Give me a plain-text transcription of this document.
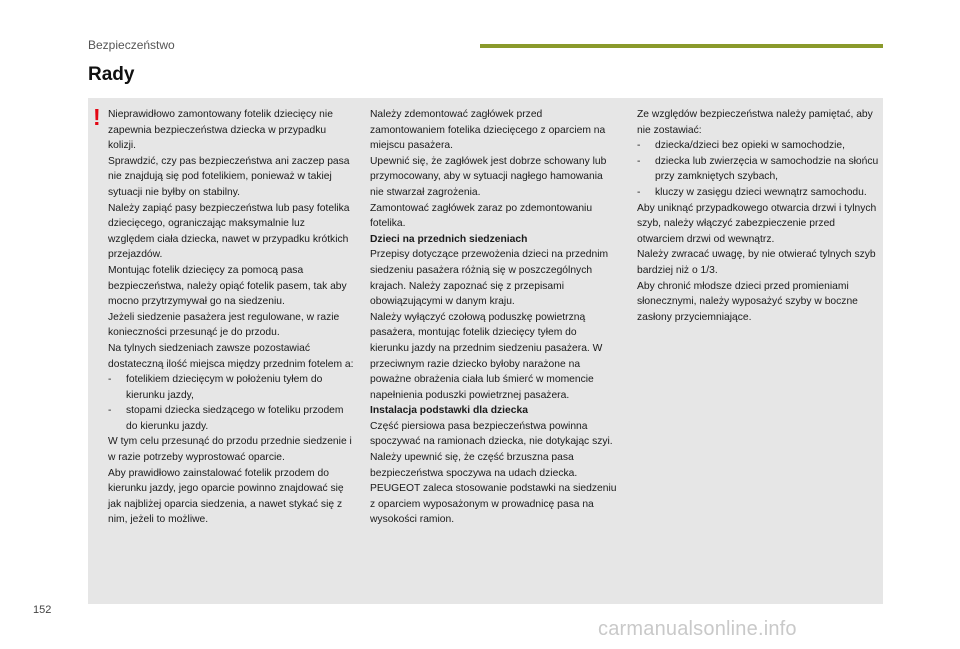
Bezpieczeństwo
Rady
! Nieprawidłowo zamontowany fotelik dziecięcy nie zapewnia bezpieczeństwa dziecka w przypadku kolizji.

Sprawdzić, czy pas bezpieczeństwa ani zaczep pasa nie znajdują się pod fotelikiem, ponieważ w takiej sytuacji nie byłby on stabilny.

Należy zapiąć pasy bezpieczeństwa lub pasy fotelika dziecięcego, ograniczając maksymalnie luz względem ciała dziecka, nawet w przypadku krótkich przejazdów.

Montując fotelik dziecięcy za pomocą pasa bezpieczeństwa, należy opiąć fotelik pasem, tak aby mocno przytrzymywał go na siedzeniu.

Jeżeli siedzenie pasażera jest regulowane, w razie konieczności przesunąć je do przodu.

Na tylnych siedzeniach zawsze pozostawiać dostateczną ilość miejsca między przednim fotelem a:

- fotelikiem dziecięcym w położeniu tyłem do kierunku jazdy,
- stopami dziecka siedzącego w foteliku przodem do kierunku jazdy.

W tym celu przesunąć do przodu przednie siedzenie i w razie potrzeby wyprostować oparcie.

Aby prawidłowo zainstalować fotelik przodem do kierunku jazdy, jego oparcie powinno znajdować się jak najbliżej oparcia siedzenia, a nawet stykać się z nim, jeżeli to możliwe.

Należy zdemontować zagłówek przed zamontowaniem fotelika dziecięcego z oparciem na miejscu pasażera.

Upewnić się, że zagłówek jest dobrze schowany lub przymocowany, aby w sytuacji nagłego hamowania nie stwarzał zagrożenia.

Zamontować zagłówek zaraz po zdemontowaniu fotelika.

Dzieci na przednich siedzeniach

Przepisy dotyczące przewożenia dzieci na przednim siedzeniu pasażera różnią się w poszczególnych krajach. Należy zapoznać się z przepisami obowiązującymi w danym kraju.

Należy wyłączyć czołową poduszkę powietrzną pasażera, montując fotelik dziecięcy tyłem do kierunku jazdy na przednim siedzeniu pasażera. W przeciwnym razie dziecko byłoby narażone na poważne obrażenia ciała lub śmierć w momencie napełnienia poduszki powietrznej pasażera.

Instalacja podstawki dla dziecka

Część piersiowa pasa bezpieczeństwa powinna spoczywać na ramionach dziecka, nie dotykając szyi.

Należy upewnić się, że część brzuszna pasa bezpieczeństwa spoczywa na udach dziecka.

PEUGEOT zaleca stosowanie podstawki na siedzeniu z oparciem wyposażonym w prowadnicę pasa na wysokości ramion.

Ze względów bezpieczeństwa należy pamiętać, aby nie zostawiać:

- dziecka/dzieci bez opieki w samochodzie,
- dziecka lub zwierzęcia w samochodzie na słońcu przy zamkniętych szybach,
- kluczy w zasięgu dzieci wewnątrz samochodu.

Aby uniknąć przypadkowego otwarcia drzwi i tylnych szyb, należy włączyć zabezpieczenie przed otwarciem drzwi od wewnątrz.

Należy zwracać uwagę, by nie otwierać tylnych szyb bardziej niż o 1/3.

Aby chronić młodsze dzieci przed promieniami słonecznymi, należy wyposażyć szyby w boczne zasłony przyciemniające.

152
carmanualsonline.info
